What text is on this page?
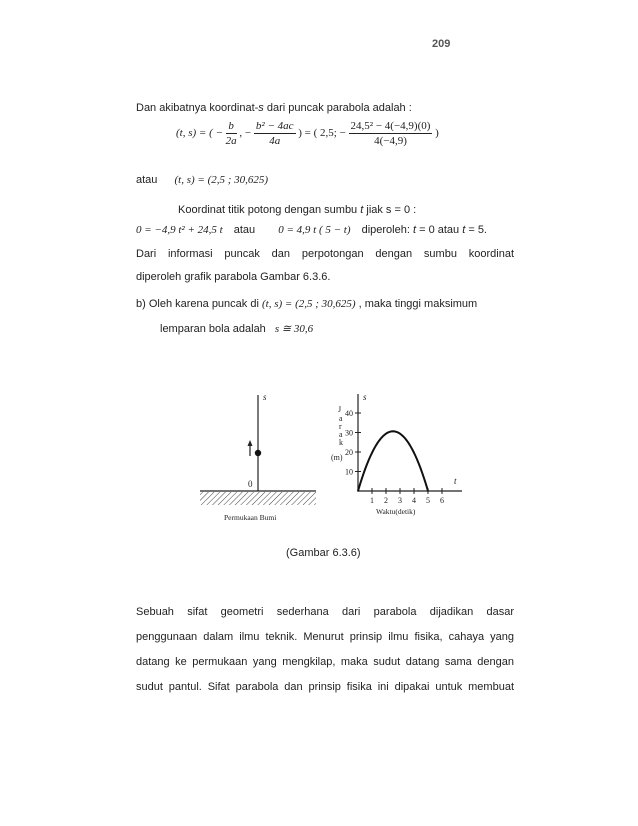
209
Dan akibatnya koordinat-s dari puncak parabola adalah :
(t, s) = ( − $\frac{b}{2a}$ , − $\frac{\text{b² − 4ac}}{4a}$ ) = ( 2,5; − $\frac{\text{24,5² − 4(−4,9)(0)}}{4(-4,9)}$ )
atau (t, s) = (2,5 ; 30,625)
Koordinat titik potong dengan sumbu t jiak s = 0 :
0 = −4,9 t² + 24,5 t atau 0 = 4,9 t ( 5 − t) diperoleh: t = 0 atau t = 5.
Dari informasi puncak dan perpotongan dengan sumbu koordinat
diperoleh grafik parabola Gambar 6.3.6.
b) Oleh karena puncak di (t, s) = (2,5 ; 30,625) , maka tinggi maksimum
lemparan bola adalah s ≅ 30,6
s
0
Permukaan Bumi
s
t
J
a
r
a
k
(m)
Waktu(detik)
10
20
30
40
1 2 3 4 5 6
(Gambar 6.3.6)
Sebuah sifat geometri sederhana dari parabola dijadikan dasar
penggunaan dalam ilmu teknik. Menurut prinsip ilmu fisika, cahaya yang
datang ke permukaan yang mengkilap, maka sudut datang sama dengan
sudut pantul. Sifat parabola dan prinsip fisika ini dipakai untuk membuat
